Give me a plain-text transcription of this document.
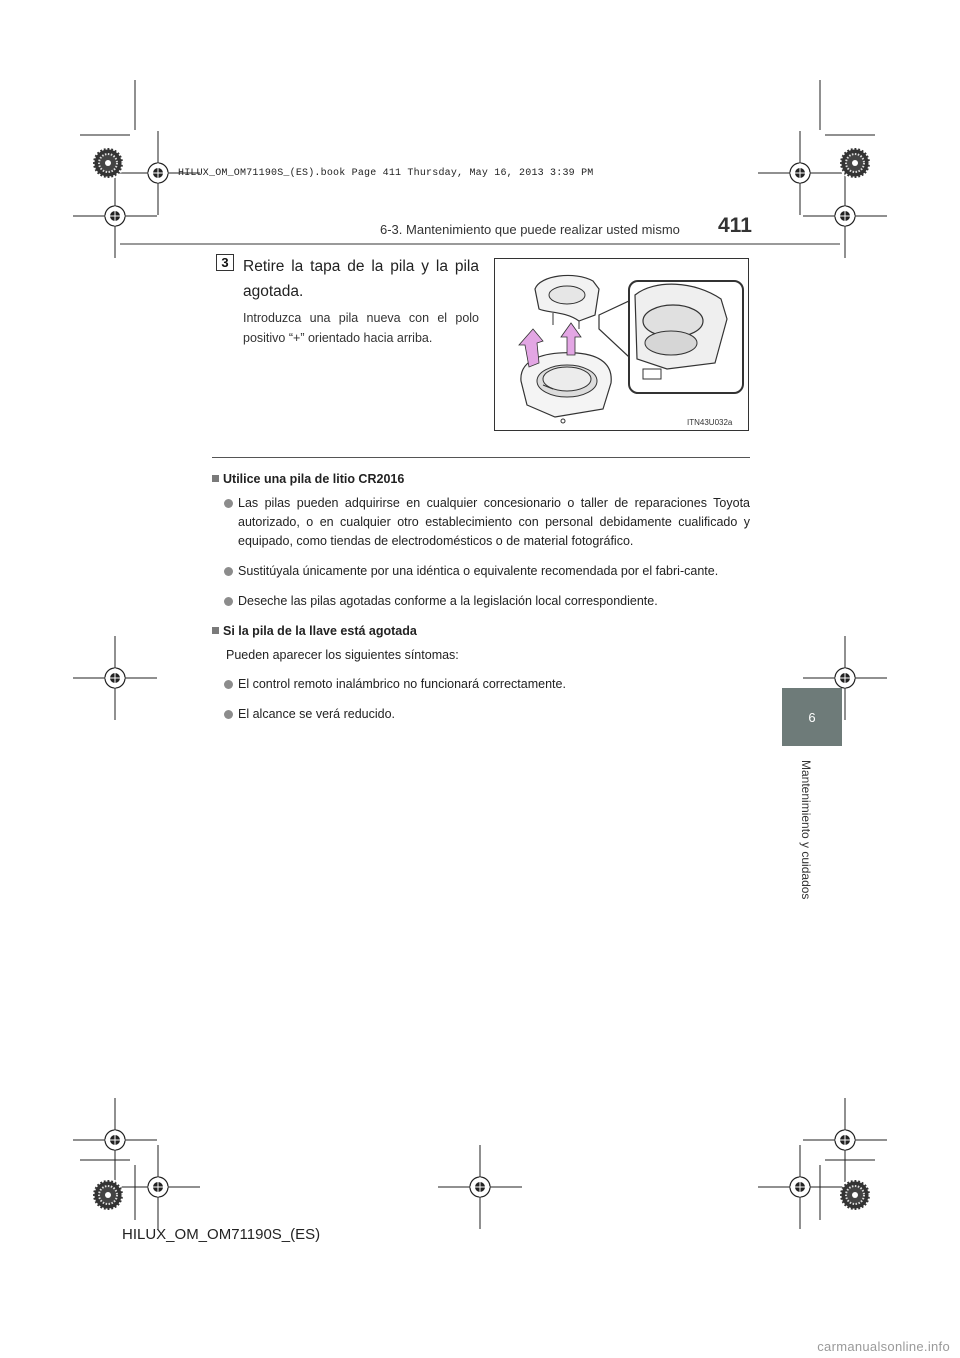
HILUX_OM_OM71190S_(ES).book Page 411 Thursday, May 16, 2013 3:39 PM
6-3. Mantenimiento que puede realizar usted mismo 411
6
Mantenimiento y cuidados
3 Retire la tapa de la pila y la pila agotada.
Introduzca una pila nueva con el polo positivo “+” orientado hacia arriba.
ITN43U032a
Utilice una pila de litio CR2016
Las pilas pueden adquirirse en cualquier concesionario o taller de reparaciones Toyota autorizado, o en cualquier otro establecimiento con personal debidamente cualificado y equipado, como tiendas de electrodomésticos o de material fotográfico.
Sustitúyala únicamente por una idéntica o equivalente recomendada por el fabri-cante.
Deseche las pilas agotadas conforme a la legislación local correspondiente.
Si la pila de la llave está agotada
Pueden aparecer los siguientes síntomas:
El control remoto inalámbrico no funcionará correctamente.
El alcance se verá reducido.
HILUX_OM_OM71190S_(ES)
carmanualsonline.info
